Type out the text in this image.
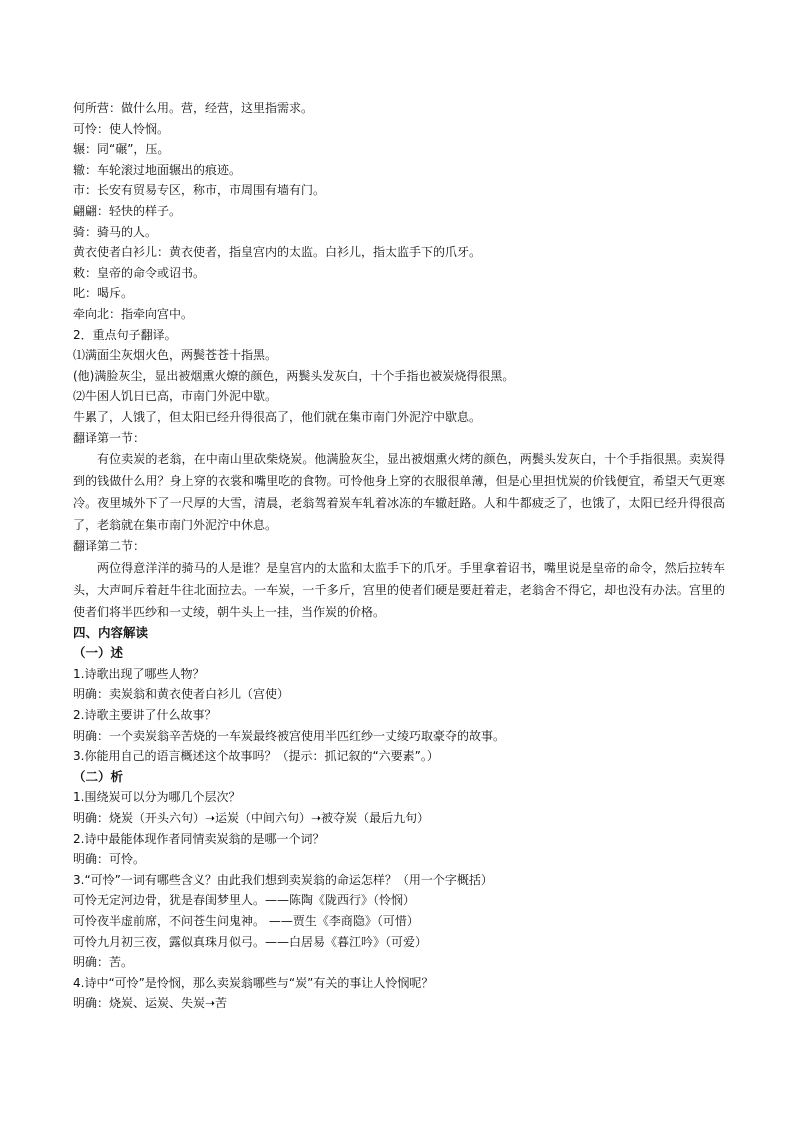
何所营：做什么用。营，经营，这里指需求。
可怜：使人怜悯。
辗：同“碾”，压。
辙：车轮滚过地面辗出的痕迹。
市：长安有贸易专区，称市，市周围有墙有门。
翩翩：轻快的样子。
骑：骑马的人。
黄衣使者白衫儿：黄衣使者，指皇宫内的太监。白衫儿，指太监手下的爪牙。
敕：皇帝的命令或诏书。
叱：喝斥。
牵向北：指牵向宫中。
2．重点句子翻译。
⑴满面尘灰烟火色，两鬓苍苍十指黑。
(他)满脸灰尘，显出被烟熏火燎的颜色，两鬓头发灰白，十个手指也被炭烧得很黑。
⑵牛困人饥日已高，市南门外泥中歇。
牛累了，人饿了，但太阳已经升得很高了，他们就在集市南门外泥泞中歇息。
翻译第一节：

有位卖炭的老翁，在中南山里砍柴烧炭。他满脸灰尘，显出被烟熏火烤的颜色，两鬓头发灰白，十个手指很黑。卖炭得到的钱做什么用？身上穿的衣裳和嘴里吃的食物。可怜他身上穿的衣服很单薄，但是心里担忧炭的价钱便宜，希望天气更寒冷。夜里城外下了一尺厚的大雪，清晨，老翁驾着炭车轧着冰冻的车辙赶路。人和牛都疲乏了，也饿了，太阳已经升得很高了，老翁就在集市南门外泥泞中休息。

翻译第二节：

两位得意洋洋的骑马的人是谁？是皇宫内的太监和太监手下的爪牙。手里拿着诏书，嘴里说是皇帝的命令，然后拉转车头，大声呵斥着赶牛往北面拉去。一车炭，一千多斤，宫里的使者们硬是要赶着走，老翁舍不得它，却也没有办法。宫里的使者们将半匹纱和一丈绫，朝牛头上一挂，当作炭的价格。

四、内容解读
（一）述
1.诗歌出现了哪些人物？
明确：卖炭翁和黄衣使者白衫儿（宫使）
2.诗歌主要讲了什么故事？
明确：一个卖炭翁辛苦烧的一车炭最终被宫使用半匹红纱一丈绫巧取豪夺的故事。
3.你能用自己的语言概述这个故事吗？（提示：抓记叙的“六要素”。）
（二）析
1.围绕炭可以分为哪几个层次？
明确：烧炭（开头六句）➝运炭（中间六句）➝被夺炭（最后九句）
2.诗中最能体现作者同情卖炭翁的是哪一个词？
明确：可怜。
3.“可怜”一词有哪些含义？由此我们想到卖炭翁的命运怎样？（用一个字概括）
可怜无定河边骨，犹是春闺梦里人。——陈陶《陇西行》（怜悯）
可怜夜半虚前席，不问苍生问鬼神。 ——贾生《李商隐》（可惜）
可怜九月初三夜，露似真珠月似弓。——白居易《暮江吟》（可爱）
明确：苦。
4.诗中“可怜”是怜悯，那么卖炭翁哪些与“炭”有关的事让人怜悯呢？
明确：烧炭、运炭、失炭➝苦
